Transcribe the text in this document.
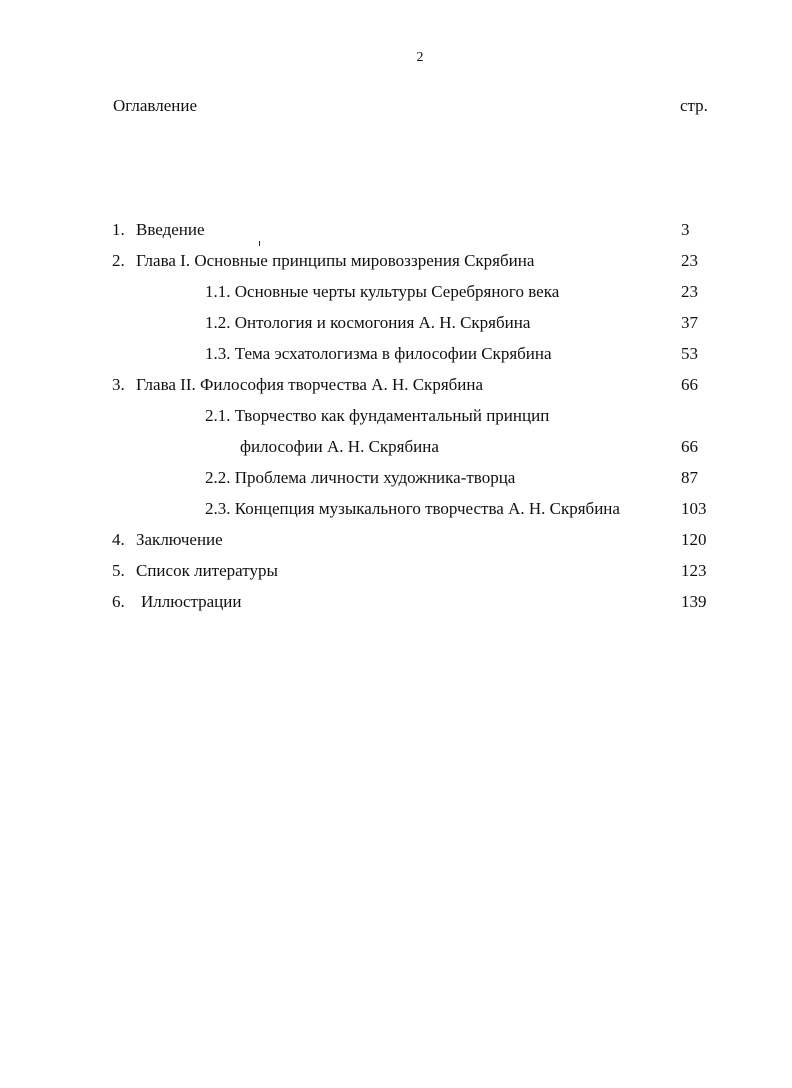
2
Оглавление	стр.
1. Введение	3
2. Глава I. Основные принципы мировоззрения Скрябина	23
1.1. Основные черты культуры Серебряного века	23
1.2. Онтология и космогония А. Н. Скрябина	37
1.3. Тема эсхатологизма в философии Скрябина	53
3. Глава II. Философия творчества А. Н. Скрябина	66
2.1. Творчество как фундаментальный принцип
философии А. Н. Скрябина	66
2.2. Проблема личности художника-творца	87
2.3. Концепция музыкального творчества А. Н. Скрябина	103
4. Заключение	120
5. Список литературы	123
6. Иллюстрации	139
